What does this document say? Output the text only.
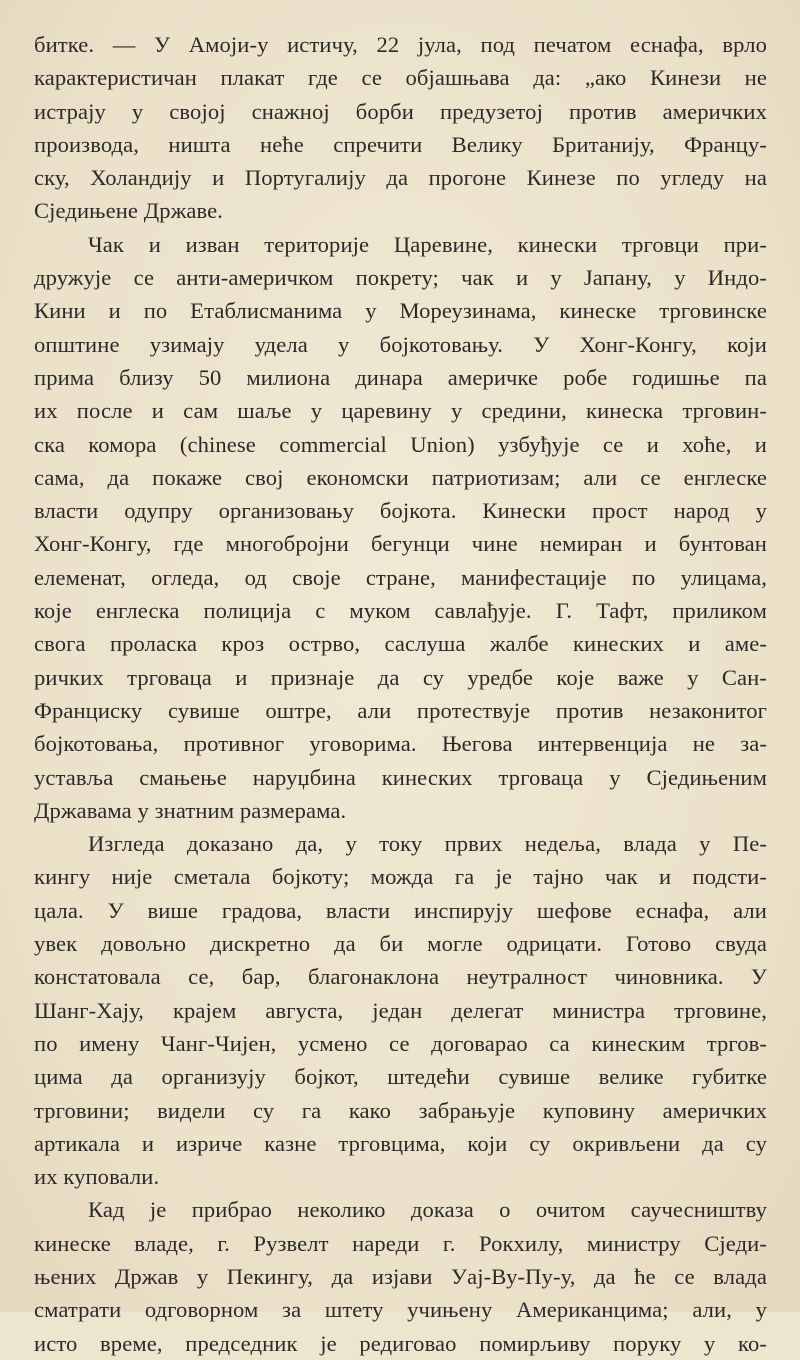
битке. — У Амоји-у истичу, 22 јула, под печатом еснафа, врло
карактеристичан плакат где се објашњава да: „ако Кинези не
истрају у својој снажној борби предузетој против америчких
производа, ништа неће спречити Велику Британију, Францу-
ску, Холандију и Португалију да прогоне Кинезе по угледу на
Сједињене Државе.
Чак и изван територије Царевине, кинески трговци при-
дружује се анти-америчком покрету; чак и у Јапану, у Индо-
Кини и по Етаблисманима у Мореузинама, кинеске трговинске
општине узимају удела у бојкотовању. У Хонг-Конгу, који
прима близу 50 милиона динара америчке робе годишње па
их после и сам шаље у царевину у средини, кинеска трговин-
ска комора (chinese commercial Union) узбуђује се и хоће, и
сама, да покаже свој економски патриотизам; али се енглеске
власти одупру организовању бојкота. Кинески прост народ у
Хонг-Конгу, где многобројни бегунци чине немиран и бунтован
елеменат, огледа, од своје стране, манифестације по улицама,
које енглеска полиција с муком савлађује. Г. Тафт, приликом
свога проласка кроз острво, саслуша жалбе кинеских и аме-
ричких трговаца и признаје да су уредбе које важе у Сан-
Франциску сувише оштре, али протествује против незаконитог
бојкотовања, противног уговорима. Његова интервенција не за-
уставља смањење наруџбина кинеских трговаца у Сједињеним
Државама у знатним размерама.
Изгледа доказано да, у току првих недеља, влада у Пе-
кингу није сметала бојкоту; можда га је тајно чак и подсти-
цала. У више градова, власти инспирују шефове еснафа, али
увек довољно дискретно да би могле одрицати. Готово свуда
констатовала се, бар, благонаклона неутралност чиновника. У
Шанг-Хају, крајем августа, један делегат министра трговине,
по имену Чанг-Чијен, усмено се договарао са кинеским тргов-
цима да организују бојкот, штедећи сувише велике губитке
трговини; видели су га како забрањује куповину америчких
артикала и изриче казне трговцима, који су окривљени да су
их куповали.
Кад је прибрао неколико доказа о очитом саучесништву
кинеске владе, г. Рузвелт нареди г. Рокхилу, министру Сједи-
њених Држав у Пекингу, да изјави Уај-Ву-Пу-у, да ће се влада
сматрати одговорном за штету учињену Американцима; али, у
исто време, председник је редиговао помирљиву поруку у ко-
